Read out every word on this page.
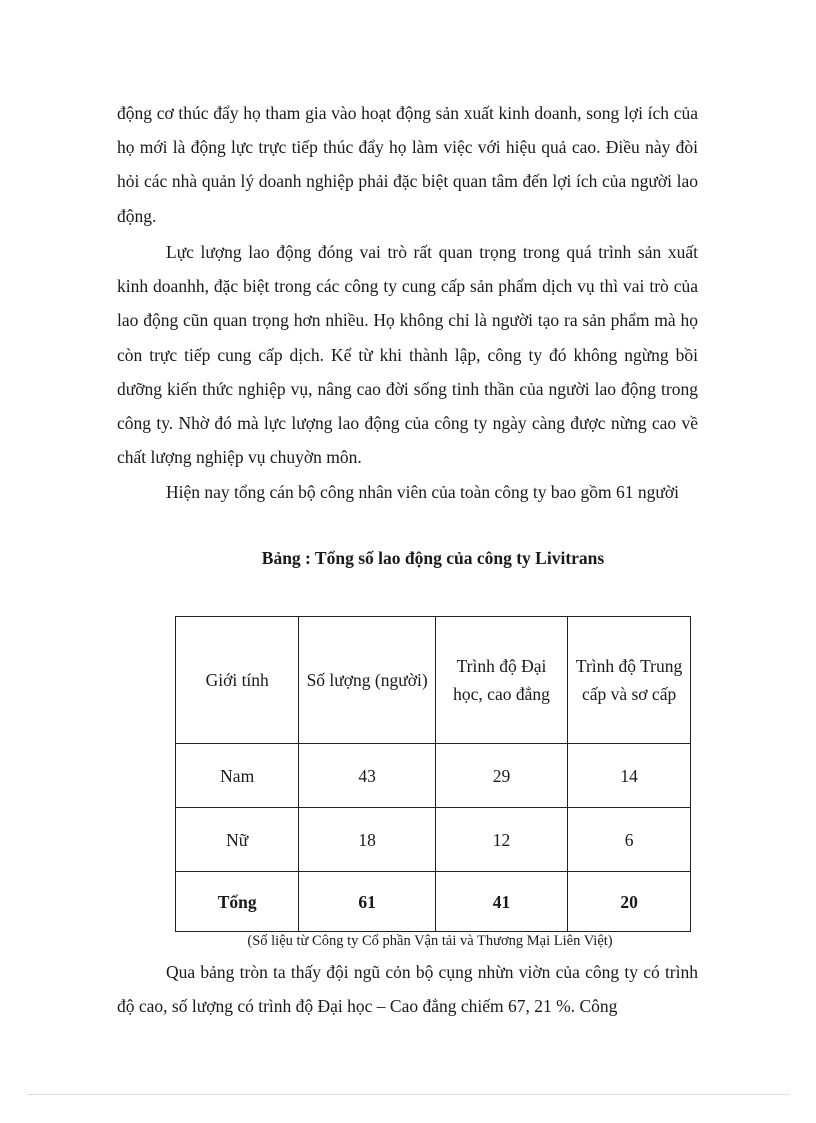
động cơ thúc đẩy họ tham gia vào hoạt động sản xuất kinh doanh, song lợi ích của họ mới là động lực trực tiếp thúc đẩy họ làm việc với hiệu quả cao. Điều này đòi hỏi các nhà quản lý doanh nghiệp phải đặc biệt quan tâm đến lợi ích của người lao động.

Lực lượng lao động đóng vai trò rất quan trọng trong quá trình sản xuất kinh doanhh, đặc biệt trong các công ty cung cấp sản phẩm dịch vụ thì vai trò của lao động cũn quan trọng hơn nhiều. Họ không chỉ là người tạo ra sản phẩm mà họ còn trực tiếp cung cấp dịch. Kể từ khi thành lập, công ty đó không ngừng bồi dưỡng kiến thức nghiệp vụ, nâng cao đời sống tinh thần của người lao động trong công ty. Nhờ đó mà lực lượng lao động của công ty ngày càng được nừng cao về chất lượng nghiệp vụ chuyờn môn.

Hiện nay tổng cán bộ công nhân viên của toàn công ty bao gồm 61 người

Bảng : Tổng số lao động của công ty Livitrans
Giới tính	Số lượng (người)	Trình độ Đại học, cao đẳng	Trình độ Trung cấp và sơ cấp
Nam	43	29	14
Nữ	18	12	6
Tổng	61	41	20
(Số liệu từ Công ty Cổ phần Vận tải và Thương Mại Liên Việt)

Qua bảng tròn ta thấy đội ngũ cỏn bộ cụng nhừn viờn của công ty có trình độ cao, số lượng có trình độ Đại học – Cao đẳng chiếm 67, 21 %. Công
